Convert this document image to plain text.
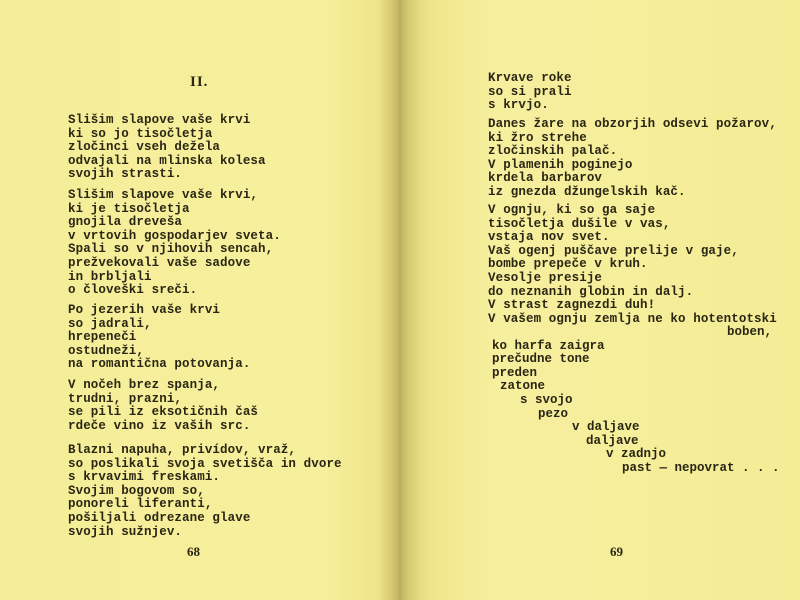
II.
Slišim slapove vaše krvi
ki so jo tisočletja
zločinci vseh dežela
odvajali na mlinska kolesa
svojih strasti.
Slišim slapove vaše krvi,
ki je tisočletja
gnojila dreveša
v vrtovih gospodarjev sveta.
Spali so v njihovih sencah,
prežvekovali vaše sadove
in brbljali
o človeški sreči.
Po jezerih vaše krvi
so jadrali,
hrepeneči
ostudneži,
na romantična potovanja.
V nočeh brez spanja,
trudni, prazni,
se pili iz eksotičnih čaš
rdeče vino iz vaših src.
Blazni napuha, privídov, vraž,
so poslikali svoja svetišča in dvore
s krvavimi freskami.
Svojim bogovom so,
ponoreli liferanti,
pošiljali odrezane glave
svojih sužnjev.
68
Krvave roke
so si prali
s krvjo.
Danes žare na obzorjih odsevi požarov,
ki žro strehe
zločinskih palač.
V plamenih poginejo
krdela barbarov
iz gnezda džungelskih kač.
V ognju, ki so ga saje
tisočletja dušile v vas,
vstaja nov svet.
Vaš ogenj puščave prelije v gaje,
bombe prepeče v kruh.
Vesolje presije
do neznanih globin in dalj.
V strast zagnezdi duh!
V vašem ognju zemlja ne ko hotentotski
boben,
ko harfa zaigra
prečudne tone
preden
zatone
s svojo
pezo
v daljave
daljave
v zadnjo
past — nepovrat . . .
69
